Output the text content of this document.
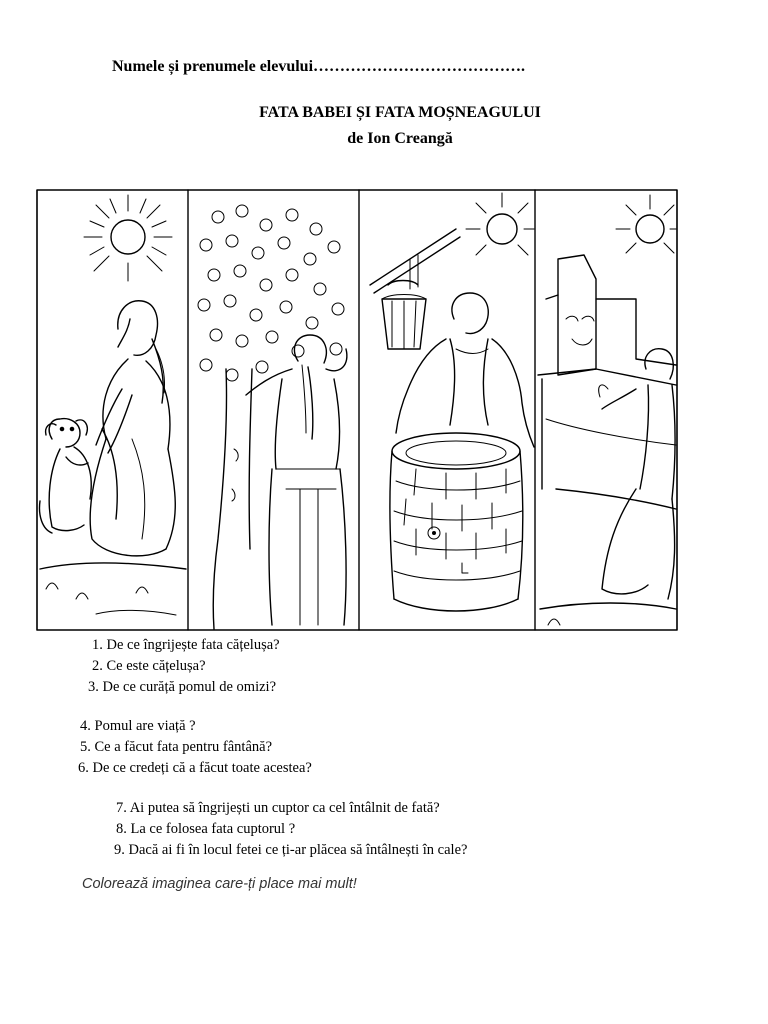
Numele și prenumele elevului………………………………….
FATA BABEI ȘI FATA MOȘNEAGULUI
de Ion Creangă
1. De ce îngrijește fata cățelușa?
2. Ce este cățelușa?
3. De ce curăță pomul de omizi?
4. Pomul are viață ?
5. Ce a făcut fata pentru fântână?
6. De ce credeți că a făcut toate acestea?
7. Ai putea să îngrijești un cuptor ca cel întâlnit de fată?
8. La ce folosea fata cuptorul ?
9. Dacă ai fi în locul fetei ce ți-ar plăcea să întâlnești în cale?
Colorează imaginea care-ți place mai mult!
